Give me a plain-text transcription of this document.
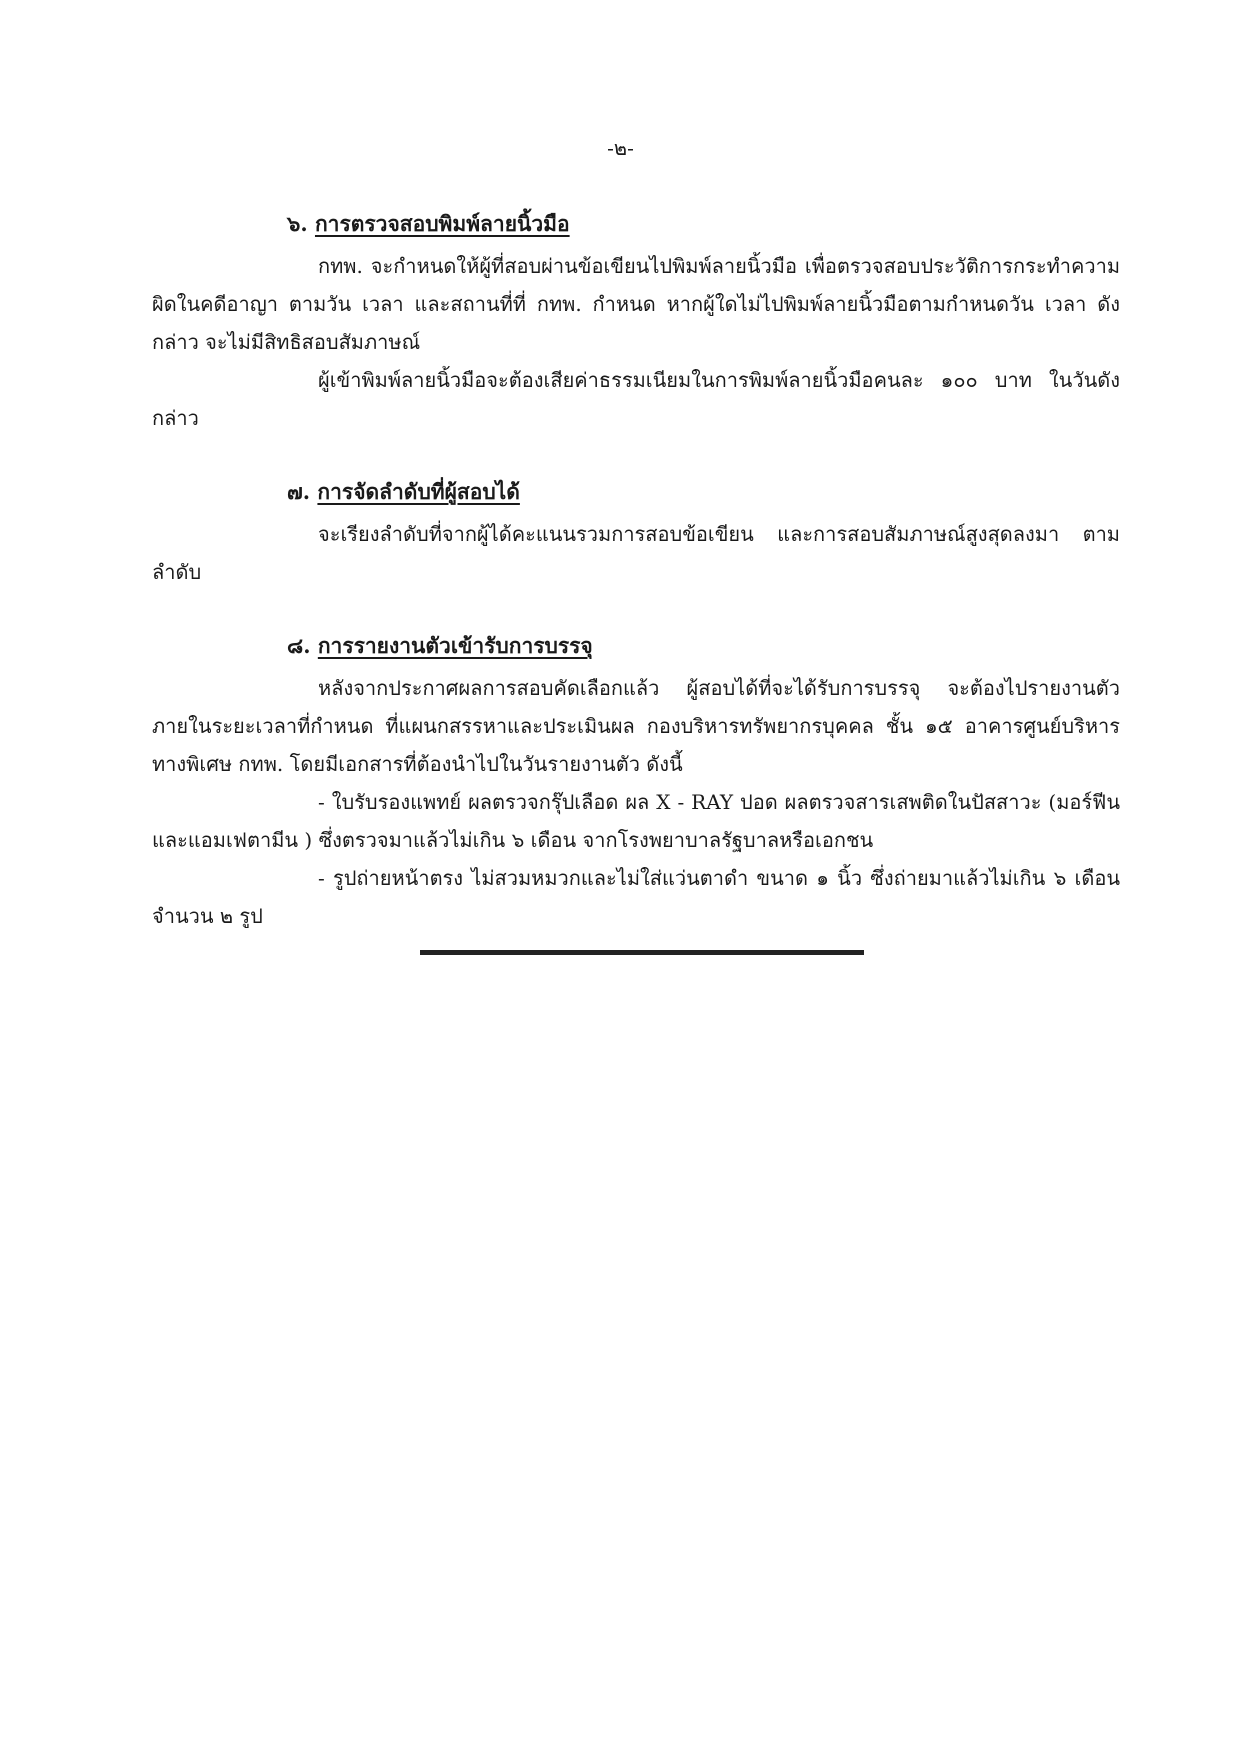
-๒-
๖. การตรวจสอบพิมพ์ลายนิ้วมือ

กทพ. จะกำหนดให้ผู้ที่สอบผ่านข้อเขียนไปพิมพ์ลายนิ้วมือ เพื่อตรวจสอบประวัติการกระทำความผิดในคดีอาญา ตามวัน เวลา และสถานที่ที่ กทพ. กำหนด หากผู้ใดไม่ไปพิมพ์ลายนิ้วมือตามกำหนดวัน เวลา ดังกล่าว จะไม่มีสิทธิสอบสัมภาษณ์

ผู้เข้าพิมพ์ลายนิ้วมือจะต้องเสียค่าธรรมเนียมในการพิมพ์ลายนิ้วมือคนละ ๑๐๐ บาท ในวันดังกล่าว

๗. การจัดลำดับที่ผู้สอบได้

จะเรียงลำดับที่จากผู้ได้คะแนนรวมการสอบข้อเขียน และการสอบสัมภาษณ์สูงสุดลงมา ตามลำดับ

๘. การรายงานตัวเข้ารับการบรรจุ

หลังจากประกาศผลการสอบคัดเลือกแล้ว ผู้สอบได้ที่จะได้รับการบรรจุ จะต้องไปรายงานตัวภายในระยะเวลาที่กำหนด ที่แผนกสรรหาและประเมินผล กองบริหารทรัพยากรบุคคล ชั้น ๑๕ อาคารศูนย์บริหารทางพิเศษ กทพ. โดยมีเอกสารที่ต้องนำไปในวันรายงานตัว ดังนี้

- ใบรับรองแพทย์ ผลตรวจกรุ๊ปเลือด ผล X - RAY ปอด ผลตรวจสารเสพติดในปัสสาวะ (มอร์ฟีน และแอมเฟตามีน ) ซึ่งตรวจมาแล้วไม่เกิน ๖ เดือน จากโรงพยาบาลรัฐบาลหรือเอกชน

- รูปถ่ายหน้าตรง ไม่สวมหมวกและไม่ใส่แว่นตาดำ ขนาด ๑ นิ้ว ซึ่งถ่ายมาแล้วไม่เกิน ๖ เดือน จำนวน ๒ รูป
